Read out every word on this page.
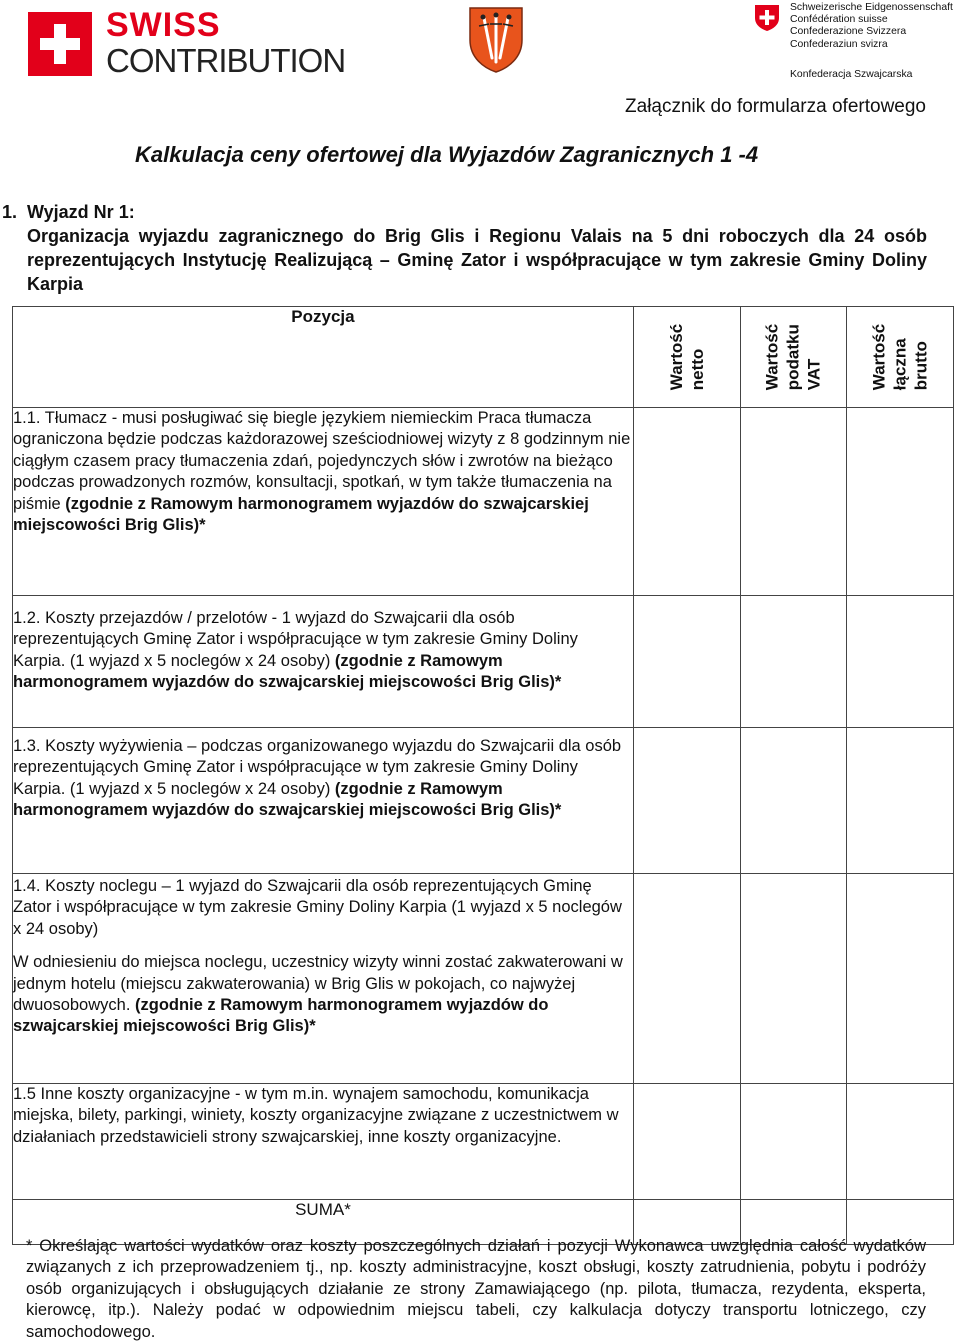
SWISS
CONTRIBUTION
Schweizerische Eidgenossenschaft
Confédération suisse
Confederazione Svizzera
Confederaziun svizra
Konfederacja Szwajcarska
Załącznik do formularza ofertowego
Kalkulacja ceny ofertowej dla Wyjazdów Zagranicznych 1 -4
1. Wyjazd Nr 1:
Organizacja wyjazdu zagranicznego do Brig Glis i Regionu Valais na 5 dni roboczych dla 24 osób reprezentujących Instytucję Realizującą – Gminę Zator i współpracujące w tym zakresie Gminy Doliny Karpia
Pozycja	Wartość netto	Wartość podatku VAT	Wartość łączna brutto

1.1. Tłumacz - musi posługiwać się biegle językiem niemieckim Praca tłumacza ograniczona będzie podczas każdorazowej sześciodniowej wizyty z 8 godzinnym nie ciągłym czasem pracy tłumaczenia zdań, pojedynczych słów i zwrotów na bieżąco podczas prowadzonych rozmów, konsultacji, spotkań, w tym także tłumaczenia na piśmie (zgodnie z Ramowym harmonogramem wyjazdów do szwajcarskiej miejscowości Brig Glis)*			
1.2. Koszty przejazdów / przelotów - 1 wyjazd do Szwajcarii dla osób reprezentujących Gminę Zator i współpracujące w tym zakresie Gminy Doliny Karpia. (1 wyjazd x 5 noclegów x 24 osoby) (zgodnie z Ramowym harmonogramem wyjazdów do szwajcarskiej miejscowości Brig Glis)*			
1.3. Koszty wyżywienia – podczas organizowanego wyjazdu do Szwajcarii dla osób reprezentujących Gminę Zator i współpracujące w tym zakresie Gminy Doliny Karpia. (1 wyjazd x 5 noclegów x 24 osoby) (zgodnie z Ramowym harmonogramem wyjazdów do szwajcarskiej miejscowości Brig Glis)*			

1.4. Koszty noclegu – 1 wyjazd do Szwajcarii dla osób reprezentujących Gminę Zator i współpracujące w tym zakresie Gminy Doliny Karpia (1 wyjazd x 5 noclegów x 24 osoby)

W odniesieniu do miejsca noclegu, uczestnicy wizyty winni zostać zakwaterowani w jednym hotelu (miejscu zakwaterowania) w Brig Glis w pokojach, co najwyżej dwuosobowych. (zgodnie z Ramowym harmonogramem wyjazdów do szwajcarskiej miejscowości Brig Glis)*			

1.5 Inne koszty organizacyjne - w tym m.in. wynajem samochodu, komunikacja miejska, bilety, parkingi, winiety, koszty organizacyjne związane z uczestnictwem w działaniach przedstawicieli strony szwajcarskiej, inne koszty organizacyjne.			
SUMA*			
* Określając wartości wydatków oraz koszty poszczególnych działań i pozycji Wykonawca uwzględnia całość wydatków związanych z ich przeprowadzeniem tj., np. koszty administracyjne, koszt obsługi, koszty zatrudnienia, pobytu i podróży osób organizujących i obsługujących działanie ze strony Zamawiającego (np. pilota, tłumacza, rezydenta, eksperta, kierowcę, itp.). Należy podać w odpowiednim miejscu tabeli, czy kalkulacja dotyczy transportu lotniczego, czy samochodowego.
